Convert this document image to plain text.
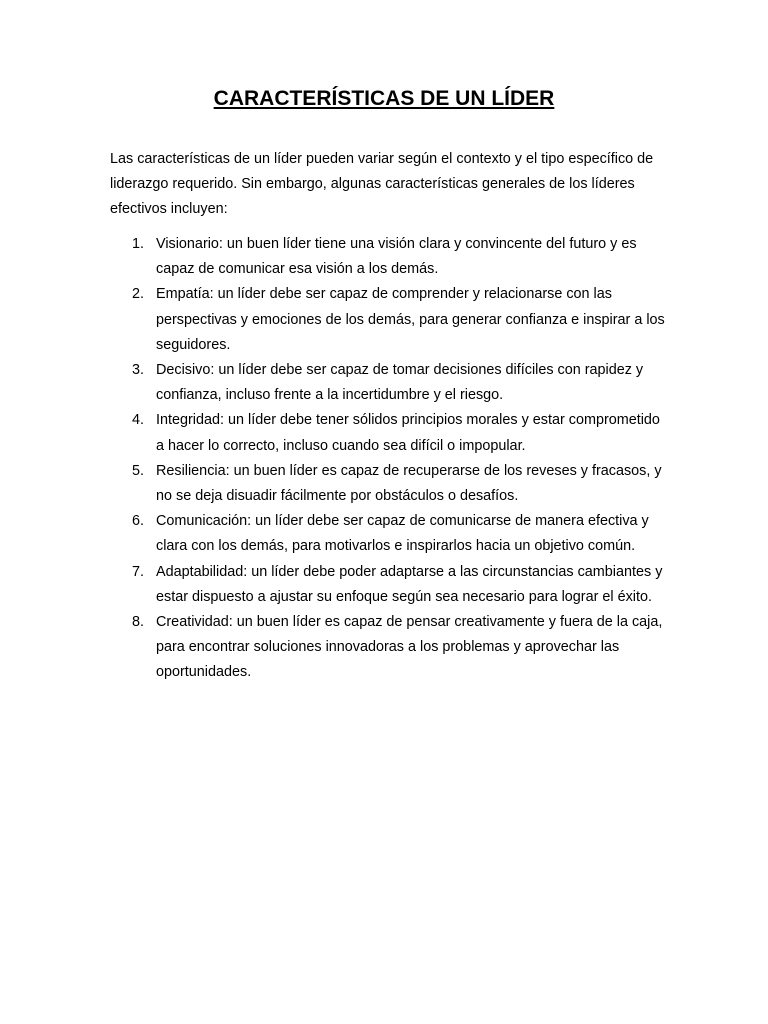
CARACTERÍSTICAS DE UN LÍDER

Las características de un líder pueden variar según el contexto y el tipo específico de liderazgo requerido. Sin embargo, algunas características generales de los líderes efectivos incluyen:

1. Visionario: un buen líder tiene una visión clara y convincente del futuro y es capaz de comunicar esa visión a los demás.
2. Empatía: un líder debe ser capaz de comprender y relacionarse con las perspectivas y emociones de los demás, para generar confianza e inspirar a los seguidores.
3. Decisivo: un líder debe ser capaz de tomar decisiones difíciles con rapidez y confianza, incluso frente a la incertidumbre y el riesgo.
4. Integridad: un líder debe tener sólidos principios morales y estar comprometido a hacer lo correcto, incluso cuando sea difícil o impopular.
5. Resiliencia: un buen líder es capaz de recuperarse de los reveses y fracasos, y no se deja disuadir fácilmente por obstáculos o desafíos.
6. Comunicación: un líder debe ser capaz de comunicarse de manera efectiva y clara con los demás, para motivarlos e inspirarlos hacia un objetivo común.
7. Adaptabilidad: un líder debe poder adaptarse a las circunstancias cambiantes y estar dispuesto a ajustar su enfoque según sea necesario para lograr el éxito.
8. Creatividad: un buen líder es capaz de pensar creativamente y fuera de la caja, para encontrar soluciones innovadoras a los problemas y aprovechar las oportunidades.
